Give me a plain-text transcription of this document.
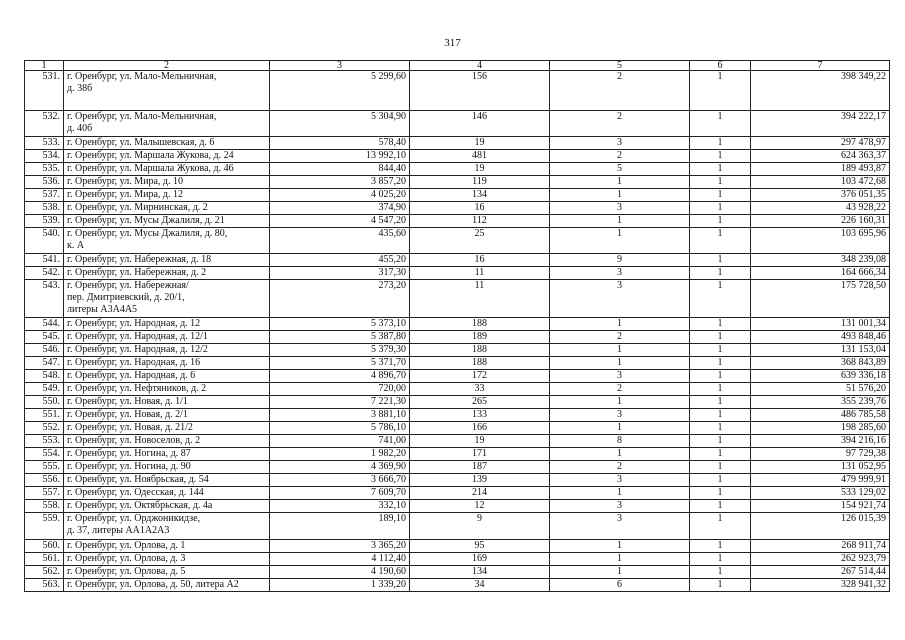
317
1	2	3	4	5	6	7
531.	г. Оренбург, ул. Мало-Мельничная,
д. 38б	5 299,60	156	2	1	398 349,22
532.	г. Оренбург, ул. Мало-Мельничная,
д. 40б	5 304,90	146	2	1	394 222,17
533.	г. Оренбург, ул. Малышевская, д. 6	578,40	19	3	1	297 478,97
534.	г. Оренбург, ул. Маршала Жукова, д. 24	13 992,10	481	2	1	624 363,37
535.	г. Оренбург, ул. Маршала Жукова, д. 46	844,40	19	5	1	189 493,87
536.	г. Оренбург, ул. Мира, д. 10	3 857,20	119	1	1	103 472,68
537.	г. Оренбург, ул. Мира, д. 12	4 025,20	134	1	1	376 051,35
538.	г. Оренбург, ул. Мирнинская, д. 2	374,90	16	3	1	43 928,22
539.	г. Оренбург, ул. Мусы Джалиля, д. 21	4 547,20	112	1	1	226 160,31
540.	г. Оренбург, ул. Мусы Джалиля, д. 80,
к. А	435,60	25	1	1	103 695,96
541.	г. Оренбург, ул. Набережная, д. 18	455,20	16	9	1	348 239,08
542.	г. Оренбург, ул. Набережная, д. 2	317,30	11	3	1	164 666,34
543.	г. Оренбург, ул. Набережная/
пер. Дмитриевский, д. 20/1,
литеры А3А4А5	273,20	11	3	1	175 728,50
544.	г. Оренбург, ул. Народная, д. 12	5 373,10	188	1	1	131 001,34
545.	г. Оренбург, ул. Народная, д. 12/1	5 387,80	189	2	1	493 848,46
546.	г. Оренбург, ул. Народная, д. 12/2	5 379,30	188	1	1	131 153,04
547.	г. Оренбург, ул. Народная, д. 16	5 371,70	188	1	1	368 843,89
548.	г. Оренбург, ул. Народная, д. 6	4 896,70	172	3	1	639 336,18
549.	г. Оренбург, ул. Нефтяников, д. 2	720,00	33	2	1	51 576,20
550.	г. Оренбург, ул. Новая, д. 1/1	7 221,30	265	1	1	355 239,76
551.	г. Оренбург, ул. Новая, д. 2/1	3 881,10	133	3	1	486 785,58
552.	г. Оренбург, ул. Новая, д. 21/2	5 786,10	166	1	1	198 285,60
553.	г. Оренбург, ул. Новоселов, д. 2	741,00	19	8	1	394 216,16
554.	г. Оренбург, ул. Ногина, д. 87	1 982,20	171	1	1	97 729,38
555.	г. Оренбург, ул. Ногина, д. 90	4 369,90	187	2	1	131 052,95
556.	г. Оренбург, ул. Ноябрьская, д. 54	3 666,70	139	3	1	479 999,91
557.	г. Оренбург, ул. Одесская, д. 144	7 609,70	214	1	1	533 129,02
558.	г. Оренбург, ул. Октябрьская, д. 4а	332,10	12	3	1	154 921,74
559.	г. Оренбург, ул. Орджоникидзе,
д. 37, литеры АА1А2А3	189,10	9	3	1	126 015,39
560.	г. Оренбург, ул. Орлова, д. 1	3 365,20	95	1	1	268 911,74
561.	г. Оренбург, ул. Орлова, д. 3	4 112,40	169	1	1	262 923,79
562.	г. Оренбург, ул. Орлова, д. 5	4 190,60	134	1	1	267 514,44
563.	г. Оренбург, ул. Орлова, д. 50, литера А2	1 339,20	34	6	1	328 941,32
